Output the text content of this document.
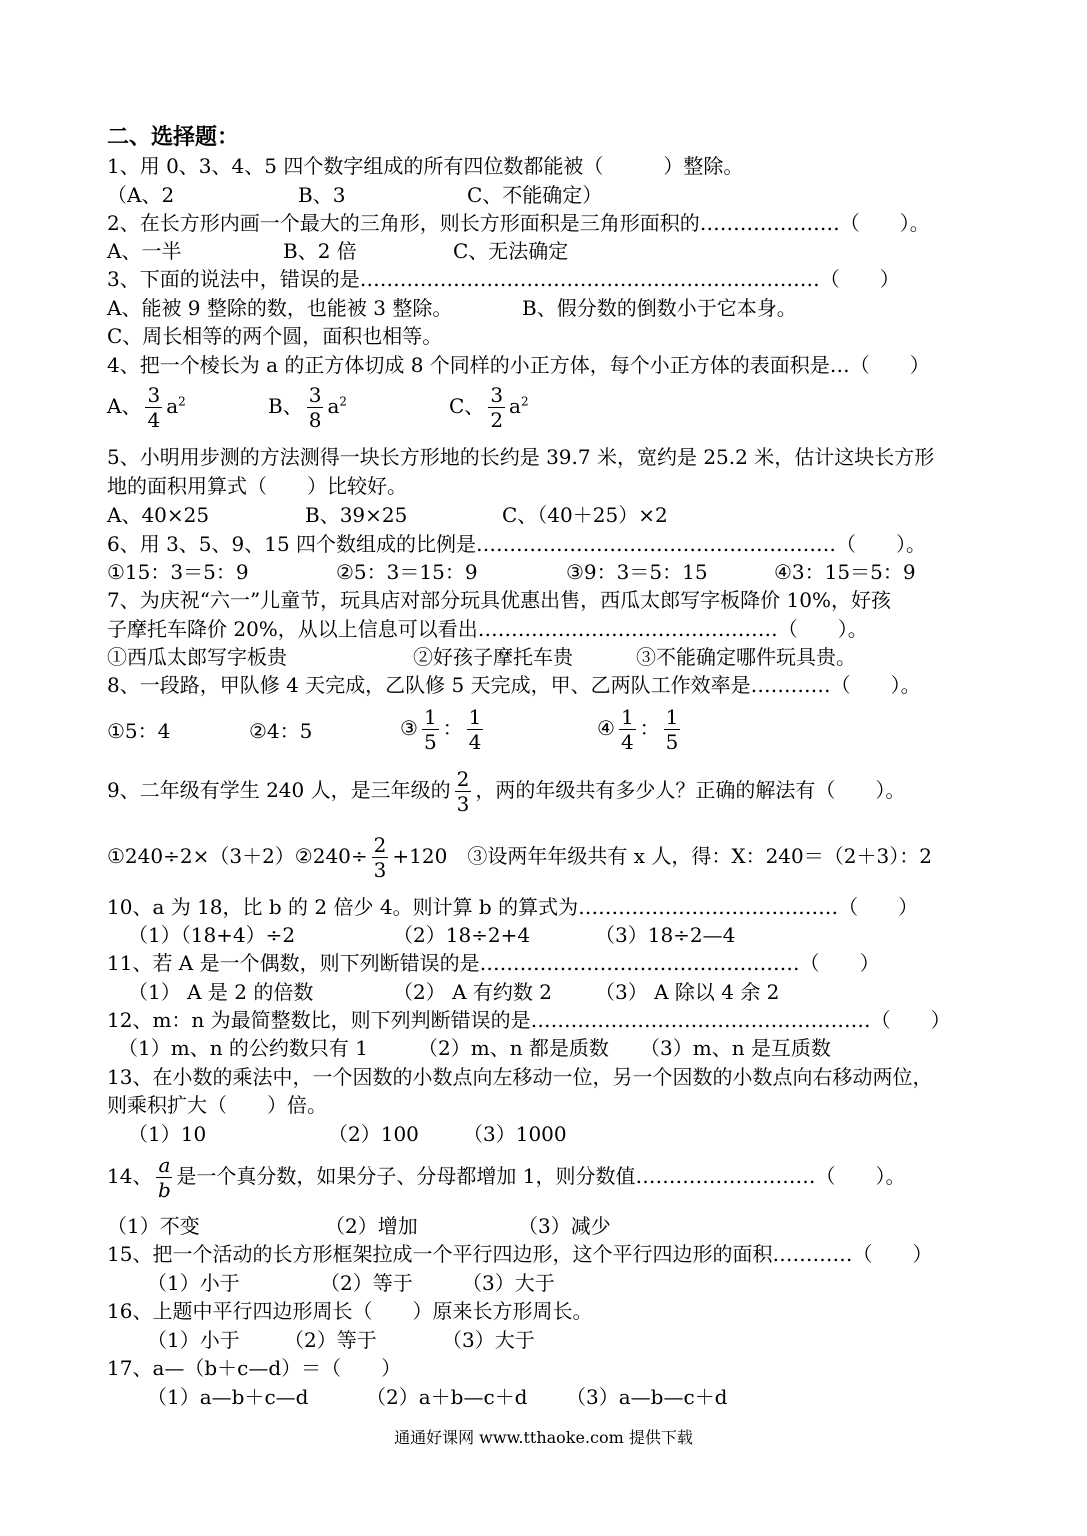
二、选择题：
1、用 0、3、4、5 四个数字组成的所有四位数都能被（　　　）整除。
（A、2	B、3	C、不能确定）
2、在长方形内画一个最大的三角形，则长方形面积是三角形面积的…………………（　　）。
A、一半	B、2 倍	C、无法确定
3、下面的说法中，错误的是……………………………………………………………（　　）
A、能被 9 整除的数，也能被 3 整除。	B、假分数的倒数小于它本身。
C、周长相等的两个圆，面积也相等。
4、把一个棱长为 a 的正方体切成 8 个同样的小正方体，每个小正方体的表面积是…（　　）
A、 $\frac{3}{4} a^2$	B、 $\frac{3}{8} a^2$	C、 $\frac{3}{2} a^2$
5、小明用步测的方法测得一块长方形地的长约是 39.7 米，宽约是 25.2 米，估计这块长方形
地的面积用算式（　　）比较好。
A、40×25	B、39×25	C、（40＋25）×2
6、用 3、5、9、15 四个数组成的比例是………………………………………………（　　）。
①15：3＝5：9	②5：3＝15：9	③9：3＝5：15	④3：15＝5：9
7、为庆祝“六一”儿童节，玩具店对部分玩具优惠出售，西瓜太郎写字板降价 10%，好孩
子摩托车降价 20%，从以上信息可以看出………………………………………（　　）。
①西瓜太郎写字板贵	②好孩子摩托车贵	③不能确定哪件玩具贵。
8、一段路，甲队修 4 天完成，乙队修 5 天完成，甲、乙两队工作效率是…………（　　）。
①5：4	②4：5	③ $\frac{1}{5}$ ： $\frac{1}{4}$	④ $\frac{1}{4}$ ： $\frac{1}{5}$
9、二年级有学生 240 人，是三年级的 $\frac{2}{3}$ ，两的年级共有多少人？正确的解法有（　　）。
①240÷2×（3＋2）②240÷ $\frac{2}{3} +120$　 ③设两年年级共有 x 人，得：X：240＝（2＋3）：2
10、a 为 18，比 b 的 2 倍少 4。则计算 b 的算式为…………………………………（　　）
（1）（18+4）÷2	（2）18÷2+4	（3）18÷2—4
11、若 A 是一个偶数，则下列断错误的是…………………………………………（　　）
（1） A 是 2 的倍数	（2） A 有约数 2 （3） A 除以 4 余 2
12、m：n 为最简整数比，则下列判断错误的是……………………………………………（　　）
（1）m、n 的公约数只有 1 （2）m、n 都是质数 （3）m、n 是互质数
13、在小数的乘法中，一个因数的小数点向左移动一位，另一个因数的小数点向右移动两位，
则乘积扩大（　　）倍。
（1）10	（2）100 （3）1000
14、 $\frac{a}{b}$ 是一个真分数，如果分子、分母都增加 1，则分数值………………………（　　）。
（1）不变	（2）增加	（3）减少
15、把一个活动的长方形框架拉成一个平行四边形，这个平行四边形的面积…………（　　）
（1）小于	（2）等于 （3）大于
16、上题中平行四边形周长（　　）原来长方形周长。
（1）小于 （2）等于	（3）大于
17、a—（b＋c—d）＝（　　）
（1）a—b＋c—d	（2）a＋b—c＋d （3）a—b—c＋d
通通好课网 www.tthaoke.com 提供下载
